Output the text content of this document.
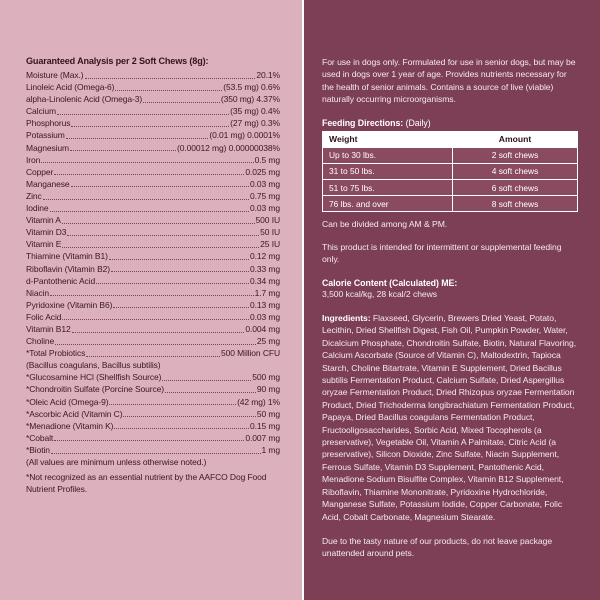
Guaranteed Analysis per 2 Soft Chews (8g):
Moisture (Max.)	20.1%
Linoleic Acid (Omega-6)	(53.5 mg) 0.6%
alpha-Linolenic Acid (Omega-3)	(350 mg) 4.37%
Calcium	(35 mg) 0.4%
Phosphorus	(27 mg) 0.3%
Potassium	(0.01 mg) 0.0001%
Magnesium	(0.00012 mg) 0.00000038%
Iron	0.5 mg
Copper	0.025 mg
Manganese	0.03 mg
Zinc	0.75 mg
Iodine	0.03 mg
Vitamin A	500 IU
Vitamin D3	50 IU
Vitamin E	25 IU
Thiamine (Vitamin B1)	0.12 mg
Riboflavin (Vitamin B2)	0.33 mg
d-Pantothenic Acid	0.34 mg
Niacin	1.7 mg
Pyridoxine (Vitamin B6)	0.13 mg
Folic Acid	0.03 mg
Vitamin B12	0.004 mg
Choline	25 mg
*Total Probiotics	500 Million CFU
(Bacillus coagulans, Bacillus subtilis)
*Glucosamine HCl (Shellfish Source)	500 mg
*Chondroitin Sulfate (Porcine Source)	90 mg
*Oleic Acid (Omega-9)	(42 mg) 1%
*Ascorbic Acid (Vitamin C)	50 mg
*Menadione (Vitamin K)	0.15 mg
*Cobalt	0.007 mg
*Biotin	1 mg
(All values are minimum unless otherwise noted.)
*Not recognized as an essential nutrient by the AAFCO Dog Food Nutrient Profiles.
For use in dogs only. Formulated for use in senior dogs, but may be used in dogs over 1 year of age. Provides nutrients necessary for the health of senior animals. Contains a source of live (viable) naturally occurring microorganisms.
Feeding Directions: (Daily)
Weight	Amount
Up to 30 lbs.	2 soft chews
31 to 50 lbs.	4 soft chews
51 to 75 lbs.	6 soft chews
76 lbs. and over	8 soft chews
Can be divided among AM & PM.
This product is intended for intermittent or supplemental feeding only.
Calorie Content (Calculated) ME:
3,500 kcal/kg, 28 kcal/2 chews
Ingredients: Flaxseed, Glycerin, Brewers Dried Yeast, Potato, Lecithin, Dried Shellfish Digest, Fish Oil, Pumpkin Powder, Water, Dicalcium Phosphate, Chondroitin Sulfate, Biotin, Natural Flavoring, Calcium Ascorbate (Source of Vitamin C), Maltodextrin, Tapioca Starch, Choline Bitartrate, Vitamin E Supplement, Dried Bacillus subtilis Fermentation Product, Calcium Sulfate, Dried Aspergillus oryzae Fermentation Product, Dried Rhizopus oryzae Fermentation Product, Dried Trichoderma longibrachiatum Fermentation Product, Papaya, Dried Bacillus coagulans Fermentation Product, Fructooligosaccharides, Sorbic Acid, Mixed Tocopherols (a preservative), Vegetable Oil, Vitamin A Palmitate, Citric Acid (a preservative), Silicon Dioxide, Zinc Sulfate, Niacin Supplement, Ferrous Sulfate, Vitamin D3 Supplement, Pantothenic Acid, Menadione Sodium Bisulfite Complex, Vitamin B12 Supplement, Riboflavin, Thiamine Mononitrate, Pyridoxine Hydrochloride, Manganese Sulfate, Potassium Iodide, Copper Carbonate, Folic Acid, Cobalt Carbonate, Magnesium Stearate.
Due to the tasty nature of our products, do not leave package unattended around pets.
